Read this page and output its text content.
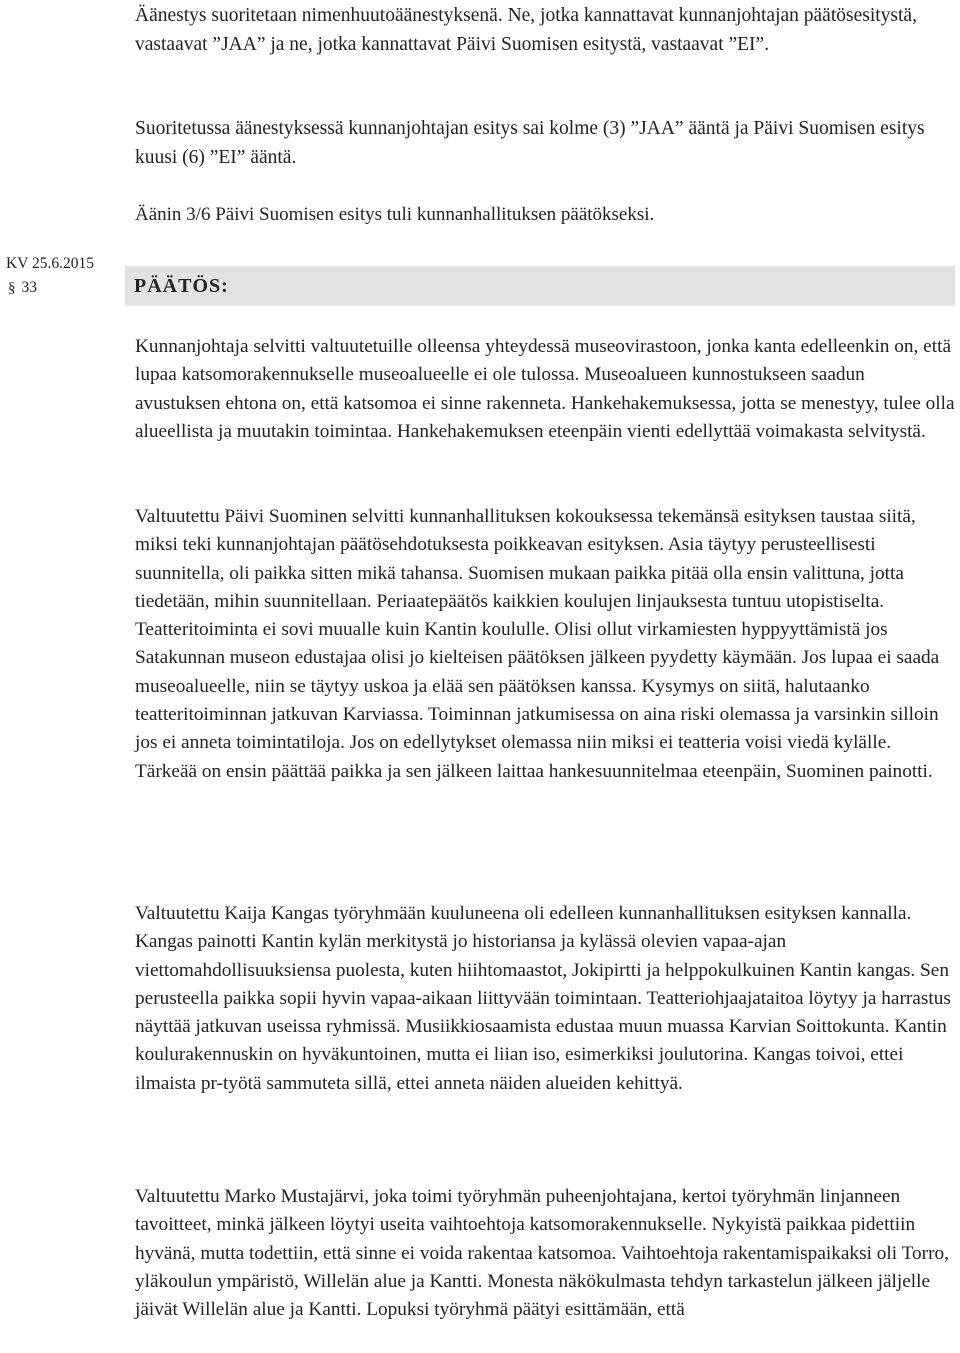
Äänestys suoritetaan nimenhuutoäänestyksenä. Ne, jotka kannattavat kunnanjohtajan päätösesitystä, vastaavat ”JAA” ja ne, jotka kannattavat Päivi Suomisen esitystä, vastaavat ”EI”.

Suoritetussa äänestyksessä kunnanjohtajan esitys sai kolme (3) ”JAA” ääntä ja Päivi Suomisen esitys kuusi (6) ”EI” ääntä.

Äänin 3/6 Päivi Suomisen esitys tuli kunnanhallituksen päätökseksi.

KV 25.6.2015
§ 33	PÄÄTÖS:

Kunnanjohtaja selvitti valtuutetuille olleensa yhteydessä museovirastoon, jonka kanta edelleenkin on, että lupaa katsomorakennukselle museoalueelle ei ole tulossa. Museoalueen kunnostukseen saadun avustuksen ehtona on, että katsomoa ei sinne rakenneta. Hankehakemuksessa, jotta se menestyy, tulee olla alueellista ja muutakin toimintaa. Hankehakemuksen eteenpäin vienti edellyttää voimakasta selvitystä.

Valtuutettu Päivi Suominen selvitti kunnanhallituksen kokouksessa tekemänsä esityksen taustaa siitä, miksi teki kunnanjohtajan päätösehdotuksesta poikkeavan esityksen. Asia täytyy perusteellisesti suunnitella, oli paikka sitten mikä tahansa. Suomisen mukaan paikka pitää olla ensin valittuna, jotta tiedetään, mihin suunnitellaan. Periaatepäätös kaikkien koulujen linjauksesta tuntuu utopistiselta. Teatteritoiminta ei sovi muualle kuin Kantin koululle. Olisi ollut virkamiesten hyppyyttämistä jos Satakunnan museon edustajaa olisi jo kielteisen päätöksen jälkeen pyydetty käymään. Jos lupaa ei saada museoalueelle, niin se täytyy uskoa ja elää sen päätöksen kanssa. Kysymys on siitä, halutaanko teatteritoiminnan jatkuvan Karviassa. Toiminnan jatkumisessa on aina riski olemassa ja varsinkin silloin jos ei anneta toimintatiloja. Jos on edellytykset olemassa niin miksi ei teatteria voisi viedä kylälle. Tärkeää on ensin päättää paikka ja sen jälkeen laittaa hankesuunnitelmaa eteenpäin, Suominen painotti.

Valtuutettu Kaija Kangas työryhmään kuuluneena oli edelleen kunnanhallituksen esityksen kannalla. Kangas painotti Kantin kylän merkitystä jo historiansa ja kylässä olevien vapaa-ajan viettomahdollisuuksiensa puolesta, kuten hiihtomaastot, Jokipirtti ja helppokulkuinen Kantin kangas. Sen perusteella paikka sopii hyvin vapaa-aikaan liittyvään toimintaan. Teatteriohjaajataitoa löytyy ja harrastus näyttää jatkuvan useissa ryhmissä. Musiikkiosaamista edustaa muun muassa Karvian Soittokunta. Kantin koulurakennuskin on hyväkuntoinen, mutta ei liian iso, esimerkiksi joulutorina. Kangas toivoi, ettei ilmaista pr-työtä sammuteta sillä, ettei anneta näiden alueiden kehittyä.

Valtuutettu Marko Mustajärvi, joka toimi työryhmän puheenjohtajana, kertoi työryhmän linjanneen tavoitteet, minkä jälkeen löytyi useita vaihtoehtoja katsomorakennukselle. Nykyistä paikkaa pidettiin hyvänä, mutta todettiin, että sinne ei voida rakentaa katsomoa. Vaihtoehtoja rakentamispaikaksi oli Torro, yläkoulun ympäristö, Willelän alue ja Kantti. Monesta näkökulmasta tehdyn tarkastelun jälkeen jäljelle jäivät Willelän alue ja Kantti. Lopuksi työryhmä päätyi esittämään, että
